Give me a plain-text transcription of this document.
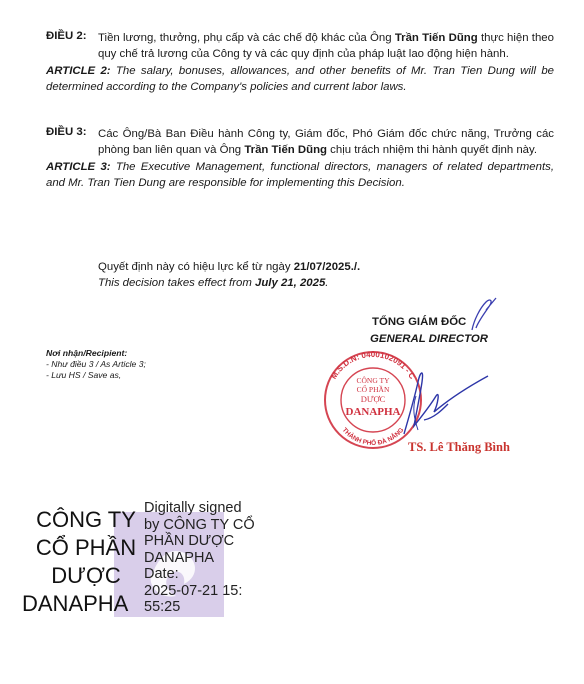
ĐIỀU 2:	Tiền lương, thưởng, phụ cấp và các chế độ khác của Ông Trần Tiến Dũng thực hiện theo quy chế trả lương của Công ty và các quy định của pháp luật lao động hiện hành.
ARTICLE 2: The salary, bonuses, allowances, and other benefits of Mr. Tran Tien Dung will be determined according to the Company's policies and current labor laws.
ĐIỀU 3:	Các Ông/Bà Ban Điều hành Công ty, Giám đốc, Phó Giám đốc chức năng, Trưởng các phòng ban liên quan và Ông Trần Tiến Dũng chịu trách nhiệm thi hành quyết định này.
ARTICLE 3: The Executive Management, functional directors, managers of related departments, and Mr. Tran Tien Dung are responsible for implementing this Decision.
Quyết định này có hiệu lực kể từ ngày 21/07/2025./.
This decision takes effect from July 21, 2025.
TỔNG GIÁM ĐỐC
GENERAL DIRECTOR
Nơi nhận/Recipient:
- Như điều 3 / As Article 3;
- Lưu HS / Save as,	M.S.D.N: 0400102091 - C
THÀNH PHỐ ĐÀ NẴNG
CÔNG TY
CỔ PHẦN
DƯỢC
DANAPHA
TS. Lê Thăng Bình
CÔNG TY
CỔ PHẦN
DƯỢC
DANAPHA
Digitally signed
by CÔNG TY CỔ
PHẦN DƯỢC
DANAPHA
Date:
2025-07-21 15:
55:25
